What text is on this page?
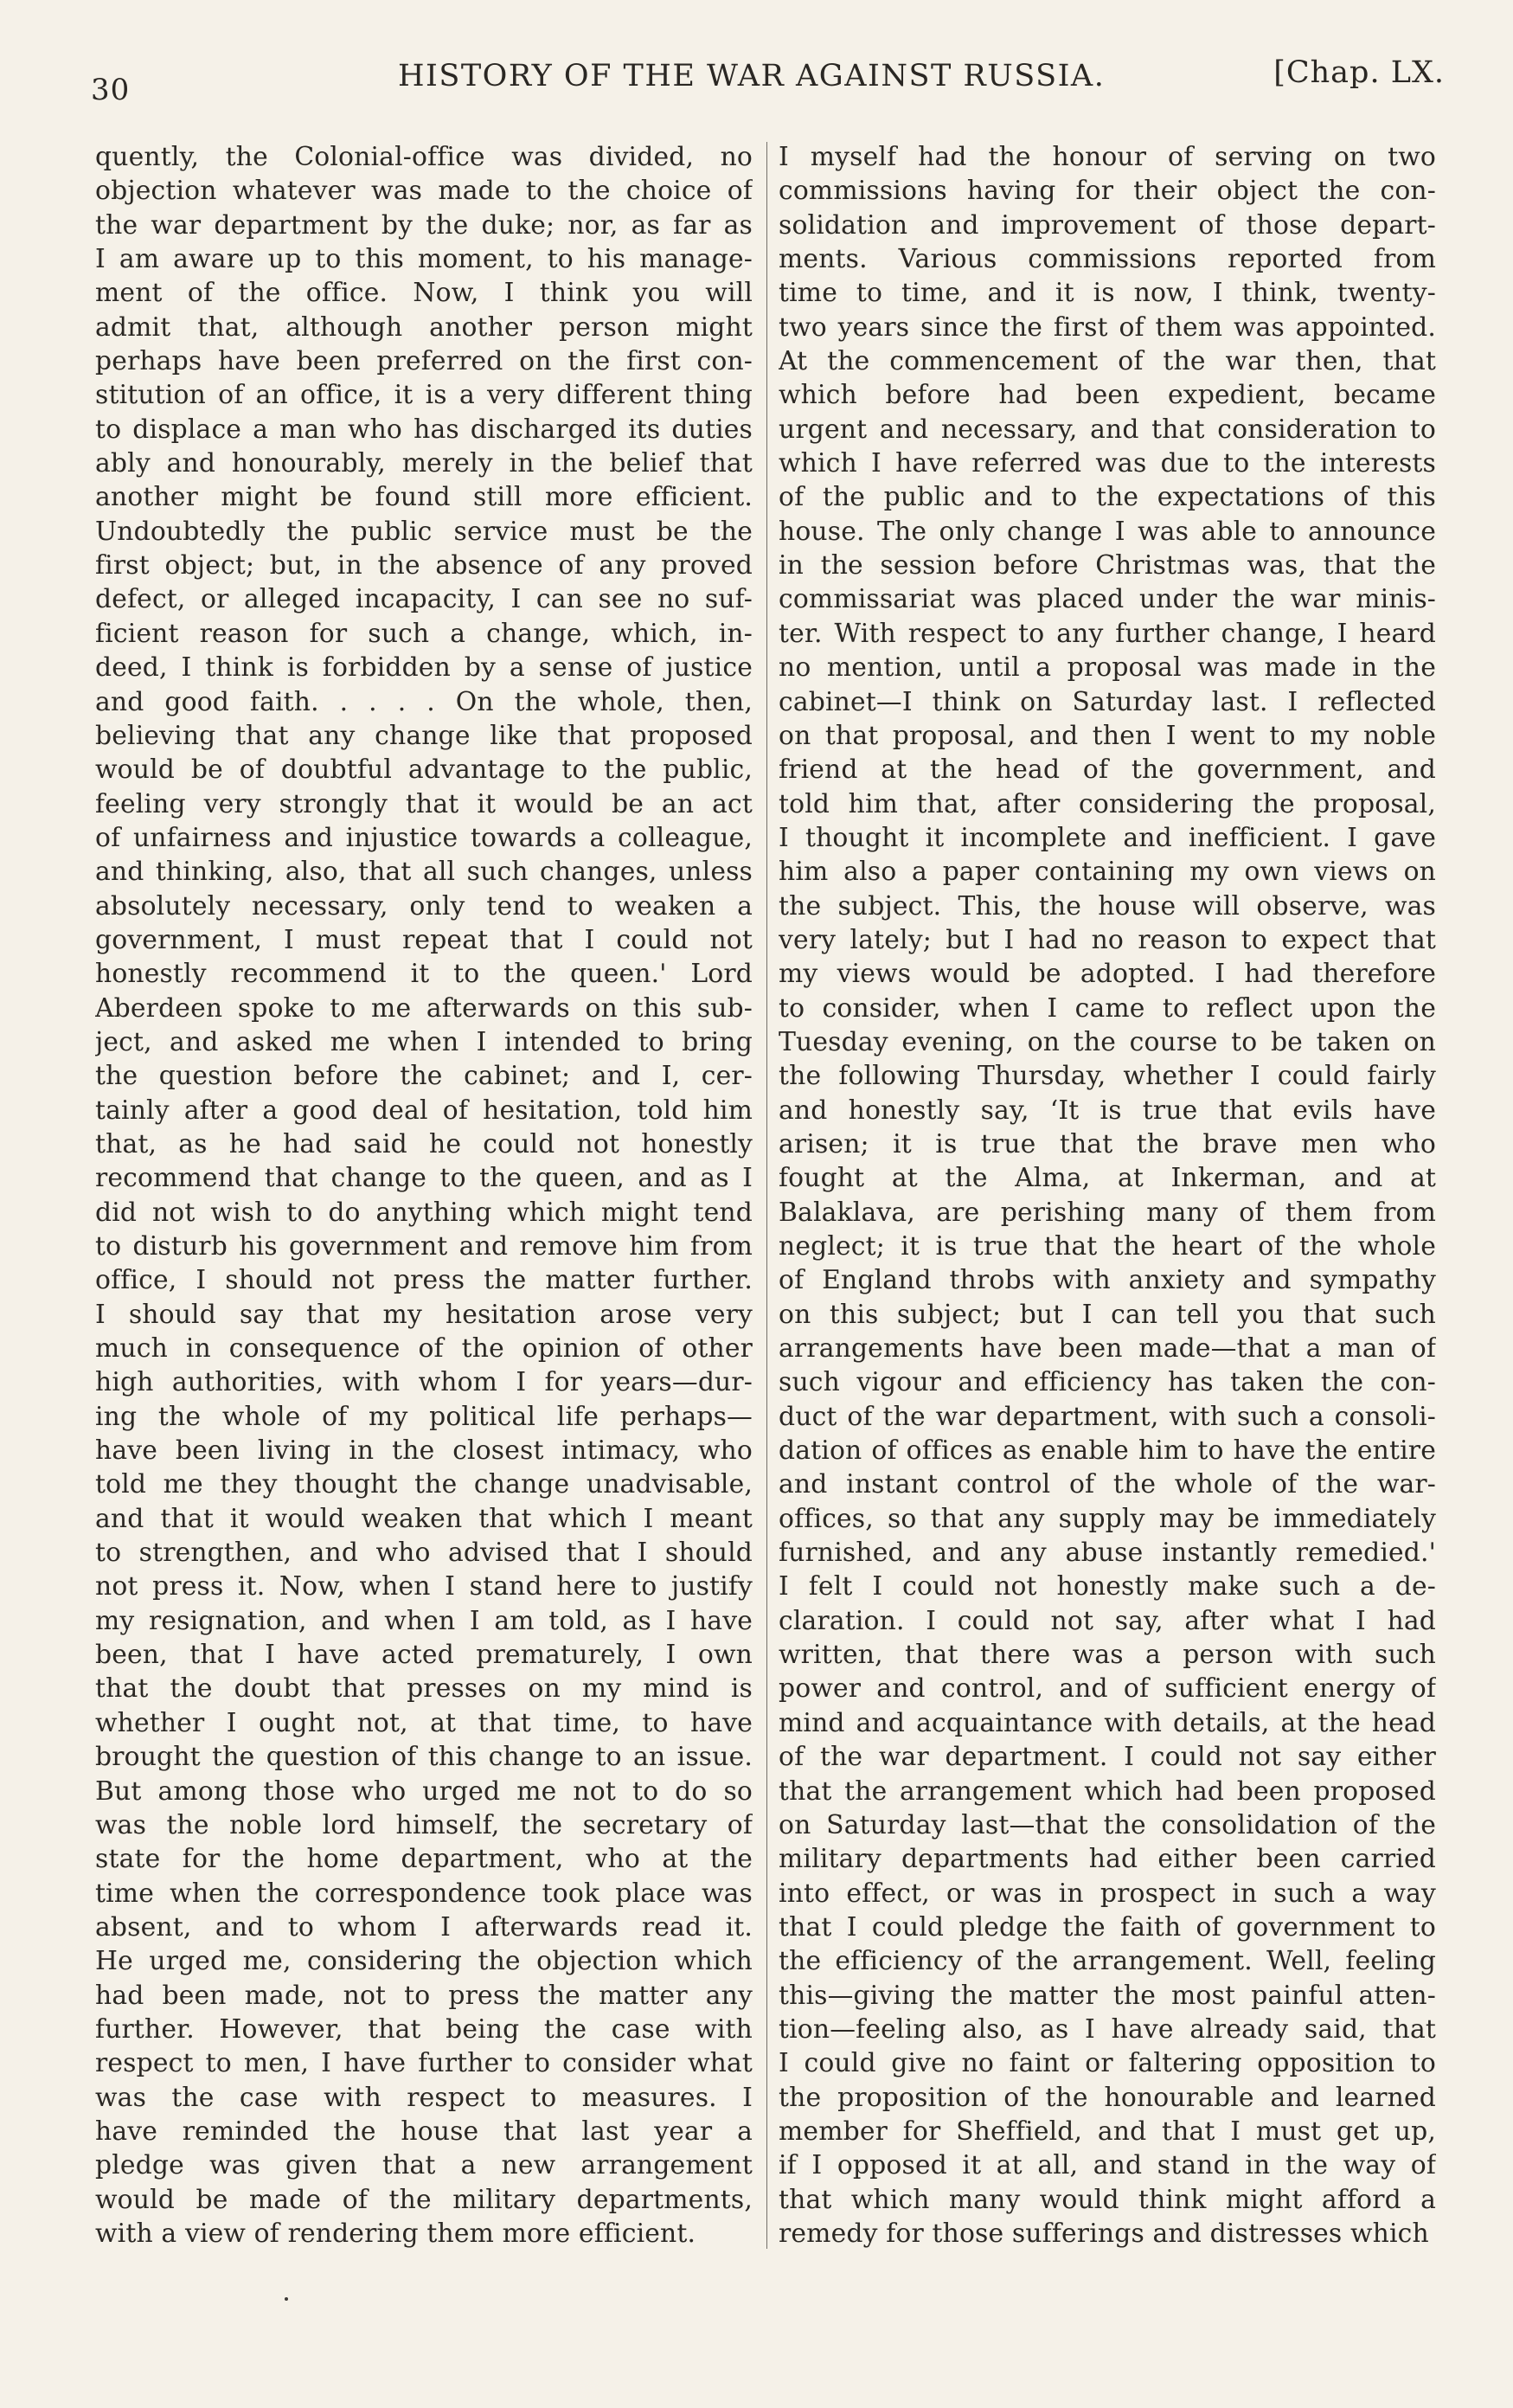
30	HISTORY OF THE WAR AGAINST RUSSIA.	[Chap. LX.
quently, the Colonial-office was divided, no
objection whatever was made to the choice of
the war department by the duke; nor, as far as
I am aware up to this moment, to his manage-
ment of the office. Now, I think you will
admit that, although another person might
perhaps have been preferred on the first con-
stitution of an office, it is a very different thing
to displace a man who has discharged its duties
ably and honourably, merely in the belief that
another might be found still more efficient.
Undoubtedly the public service must be the
first object; but, in the absence of any proved
defect, or alleged incapacity, I can see no suf-
ficient reason for such a change, which, in-
deed, I think is forbidden by a sense of justice
and good faith. . . . . On the whole, then,
believing that any change like that proposed
would be of doubtful advantage to the public,
feeling very strongly that it would be an act
of unfairness and injustice towards a colleague,
and thinking, also, that all such changes, unless
absolutely necessary, only tend to weaken a
government, I must repeat that I could not
honestly recommend it to the queen.' Lord
Aberdeen spoke to me afterwards on this sub-
ject, and asked me when I intended to bring
the question before the cabinet; and I, cer-
tainly after a good deal of hesitation, told him
that, as he had said he could not honestly
recommend that change to the queen, and as I
did not wish to do anything which might tend
to disturb his government and remove him from
office, I should not press the matter further.
I should say that my hesitation arose very
much in consequence of the opinion of other
high authorities, with whom I for years—dur-
ing the whole of my political life perhaps—
have been living in the closest intimacy, who
told me they thought the change unadvisable,
and that it would weaken that which I meant
to strengthen, and who advised that I should
not press it. Now, when I stand here to justify
my resignation, and when I am told, as I have
been, that I have acted prematurely, I own
that the doubt that presses on my mind is
whether I ought not, at that time, to have
brought the question of this change to an issue.
But among those who urged me not to do so
was the noble lord himself, the secretary of
state for the home department, who at the
time when the correspondence took place was
absent, and to whom I afterwards read it.
He urged me, considering the objection which
had been made, not to press the matter any
further. However, that being the case with
respect to men, I have further to consider what
was the case with respect to measures. I
have reminded the house that last year a
pledge was given that a new arrangement
would be made of the military departments,
with a view of rendering them more efficient.
I myself had the honour of serving on two
commissions having for their object the con-
solidation and improvement of those depart-
ments. Various commissions reported from
time to time, and it is now, I think, twenty-
two years since the first of them was appointed.
At the commencement of the war then, that
which before had been expedient, became
urgent and necessary, and that consideration to
which I have referred was due to the interests
of the public and to the expectations of this
house. The only change I was able to announce
in the session before Christmas was, that the
commissariat was placed under the war minis-
ter. With respect to any further change, I heard
no mention, until a proposal was made in the
cabinet—I think on Saturday last. I reflected
on that proposal, and then I went to my noble
friend at the head of the government, and
told him that, after considering the proposal,
I thought it incomplete and inefficient. I gave
him also a paper containing my own views on
the subject. This, the house will observe, was
very lately; but I had no reason to expect that
my views would be adopted. I had therefore
to consider, when I came to reflect upon the
Tuesday evening, on the course to be taken on
the following Thursday, whether I could fairly
and honestly say, ‘It is true that evils have
arisen; it is true that the brave men who
fought at the Alma, at Inkerman, and at
Balaklava, are perishing many of them from
neglect; it is true that the heart of the whole
of England throbs with anxiety and sympathy
on this subject; but I can tell you that such
arrangements have been made—that a man of
such vigour and efficiency has taken the con-
duct of the war department, with such a consoli-
dation of offices as enable him to have the entire
and instant control of the whole of the war-
offices, so that any supply may be immediately
furnished, and any abuse instantly remedied.'
I felt I could not honestly make such a de-
claration. I could not say, after what I had
written, that there was a person with such
power and control, and of sufficient energy of
mind and acquaintance with details, at the head
of the war department. I could not say either
that the arrangement which had been proposed
on Saturday last—that the consolidation of the
military departments had either been carried
into effect, or was in prospect in such a way
that I could pledge the faith of government to
the efficiency of the arrangement. Well, feeling
this—giving the matter the most painful atten-
tion—feeling also, as I have already said, that
I could give no faint or faltering opposition to
the proposition of the honourable and learned
member for Sheffield, and that I must get up,
if I opposed it at all, and stand in the way of
that which many would think might afford a
remedy for those sufferings and distresses which
